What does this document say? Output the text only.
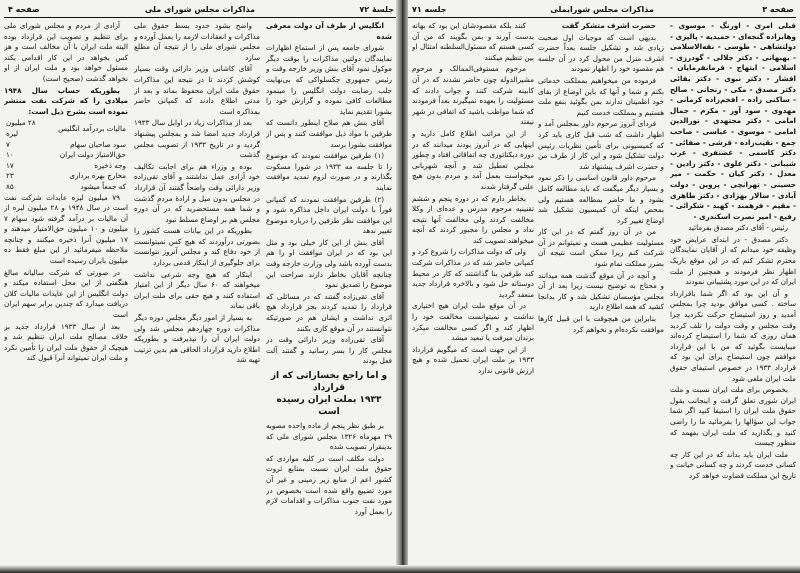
جلسهٔ ۷۲
مذاکرات مجلس شورای ملی
صفحه ۴

انگلیس از طرف آن دولت معرفی شده

شورای جامعه پس از استماع اظهارات نمایندگان دولتین مذاکرات را بوقت دیگر موکول نمود آقای بنش وزیر خارجه وقت و رئیس جمهوری چکسلواکی که بی‌نهایت جلب رضایت دولت انگلیس را مینمود مطالعات کافی نموده و گزارش خود را بشورا تقدیم نماید

آقای بنش هم صلاح اینطور دانست که طرفین با مواد ذیل موافقت کنند و پس از موافقت بشورا برسد

(۱) طرفین موافقت نمودند که موضوع را تا جلسه مه ۱۹۳۳ در شورا مسکوت بگذارند و در صورت لزوم تمدید موافقت نمایند

(۲) طرفین موافقت نمودند که کمپانی فوراً با دولت ایران داخل مذاکره شود و این موافقت نظر طرفین را درباره موضوع تغییر ندهد

آقای بنش از این کار خیلی بود و مثل این بود که در ایران موافقت او را هم بدست آورده باشد ولی وزارت خارجه وقت چنانچه آقایان بخاطر دارند صراحت این موضوع را تصدیق نمود

آقای تقی‌زاده گفتند که در مسائلی که قرارداد را تمدید کردند بجز قرارداد هیچ اثری نداشت و ایشان هم در صورتیکه نتوانستند در آن موقع کاری بکنند

آقای تقی‌زاده وزیر دارائی وقت در مجلس کار را بسر رسانید و گفتند آلت فعل بودند

و اما راجع بخساراتی که از قرارداد
۱۹۳۳ بملت ایران رسیده است

بر طبق نظر پنجم از ماده واحده مصوبه ۲۹ مهرماه ۱۳۲۶ مجلس شورای ملی که بدینقرار تصویب شده

دولت مکلف است در کلیه مواردی که حقوق ملت ایران نسبت بمنابع ثروت کشور اعم از منابع زیر زمینی و غیر آن مورد تضییع واقع شده است بخصوص در مورد نفت جنوب مذاکرات و اقدامات لازم را بعمل آورد

واضح بشود حدود بسط حقوق ملی مذاکرات و انعقادات لازمه را بعمل آورده و مجلس شورای ملی را از نتیجه آن مطلع سازد

آقای کاشانی وزیر دارائی وقت بسیار کوشش کردند تا در نتیجه این مذاکرات حقوق ملت ایران محفوظ بماند و بعد از مدتی اطلاع دادند که کمپانی حاضر بمذاکره است

بعد از مذاکرات زیاد در اوایل سال ۱۹۳۳ قرارداد جدید امضا شد و بمجلس پیشنهاد گردید و در تاریخ ۱۹۳۳ از تصویب مجلس گذشت

بوده و وزراء هم برای اجابت تکالیف خود آزادی عمل نداشتند و آقای تقی‌زاده وزیر دارائی وقت واضحاً گفتند آن قرارداد در مجلس بدون میل و ارادهٔ مردم گذشت و شما همه مستحضرید که در آن دوره مجلس هم بر اوضاع مسلط نبود

بطوریکه در این بیانات هست کشور را بصورتی درآوردند که هیچ کس نمیتوانست از خود دفاع کند و مجلس آنروز نتوانست برای جلوگیری از اینکار قدمی بردارد

اینکار که هیچ وجه شرعی نداشت میخواهند که ۶۰ سال دیگر از این امتیاز استفاده کنند و هیچ حقی برای ملت ایران باقی نماند

به بسیار از امور دیگر مجلس دوره دیگر مذاکرات دوره چهاردهم مجلس شد ولی دولت ایران آن را نپذیرفت و بطوریکه اطلاع دارید قرارداد الحاقی هم بدین ترتیب تهیه شد

آزادی از مردم و مجلس شورای ملی برای تنظیم و تصویب این قرارداد بوده الیته ملت ایران با آن مخالف است و هر کس بخواهد در این کار اقدامی بکند مسئول خواهد بود و ملت ایران از او نخواهد گذشت (صحیح است)

بطوریکه حساب سال ۱۹۴۸ میلادی را که شرکت نفت منتشر نموده است بشرح ذیل است:

مالیات بردرآمد انگلیس	۲۸ میلیون لیره
سود صاحبان سهام	۷
حق‌الامتیاز دولت ایران	۱۰
وجه ذخیره	۱۷
مخارج بهره برداری	۲۳
که جمعاً میشود	۸۵

۷۹ میلیون لیره عایدات شرکت نفت است در سال ۱۹۴۸ و ۲۸ میلیون لیره از آن مالیات بر درآمد گرفته شود سهام ۷ میلیون و ۱۰ میلیون حق‌الامتیاز میدهند و ۱۷ میلیون آنرا ذخیره میکنند و چنانچه ملاحظه میفرمائید از این مبلغ فقط ده میلیون بایران رسیده است

در صورتی که شرکت سالیانه مبالغ هنگفتی از این محل استفاده میکند و دولت انگلیس از این عایدات مالیات کلان دریافت میدارد که چندین برابر سهم ایران است

بعد از سال ۱۹۳۳ قرارداد جدید بر خلاف مصالح ملت ایران تنظیم شد و هیچیک از حقوق ملت ایران را تأمین نکرد و ملت ایران نمیتواند آنرا قبول کند

صفحه ۳
مذاکرات مجلس شورایملی
جلسه ۷۱

قبلی امری - اورنگ - موسوی - وهابزاده گنجه‌ای - حمیدیه - پالیزی - دولتشاهی - طوسی - نقه‌الاسلامی - بهبهانی - دکتر جلالی - گودرزی - اسلامی - ابتهاج - فرمانفرمایان - افشار - دکتر نبوی - دکتر بقائی دکتر مصدق - مکی - زنجانی - صالح - ساکنی زاده - افخم‌زاده کرمانی - مهدوی - سود آور - مکرم - جمال امامی - دکتر مجتهدی - نورالدین امامی - موسوی - عباسی - صاحب جمع - نقیب‌زاده - قرشی - صفائی - دکتر کاسمی - غضنفری - عرب شیبانی - دکتر علوی - دکتر رادین - معدل - دکتر کیان - حکمت - میر حسینی - تهرانچی - پروین - دولت آبادی - سالار بهزادی - دکتر طاهری - مقیم - فرهمند - کهبد - شکرائی - رفیع - امیر نصرت اسکندری -

رئیس - آقای دکتر مصدق بفرمائید

دکتر مصدق - در ابتدای عرایض خود وظیفه خود میدانم که از آقایان نمایندگان محترم تشکر کنم که در این موقع باریک اظهار نظر فرمودند و همچنین از ملت ایران که در این مورد پشتیبانی نمودند

و آن این بود که اگر شما باقرارداد ساخته . کسی موافق بودید چرا بمجلس آمدید و روز استیضاح حرکت نکردید چرا وقت مجلس و وقت دولت را تلف کردید همان روزی که شما را استیضاح کرده‌اند میبایست بگوئید که من با این قرارداد موافقم چون استیضاح برای این بود که قرارداد ۱۹۳۳ در خصوص استیفای حقوق ملت ایران ملغی شود

بخصوص برای ملت ایران نسبت و ملت ایران شوری تعلق گرفت و اینجانب بقول حقوق ملت ایران را استیفا کنید اگر شما جواب این سؤالها را بفرمائید ما را راضی کنید و بگذارید که ملت ایران بفهمد که منظور چیست

ملت ایران باید بداند که در این کار چه کسانی خدمت کردند و چه کسانی خیانت و تاریخ این مملکت قضاوت خواهد کرد

حضرت اشرف متشکر گفت

بدیهی است که موجبات اول صحبت زیادی شد و تشکیل جلسه بعداً حضرت اشرف منزل من محول کرد در آن جلسه هم مقصود خود را اظهار نمودند

فرموده من میخواهیم بمملکت خدماتی بکنم و شما و آنها که باین اوضاع از بقای خود اطمینان ندارند بمن بگوئید بنفع ملت هستیم و بمملکت خدمت کنیم

فردای آنروز مرحوم داور بمجلس آمد و اظهار داشت که شب قبل کاری باید کرد که کمیسیونی برای تأمین نظریات رئیس دولت تشکیل شود و این کار از طرف من و حضرت اشرف پیشنهاد شد

مرحوم داور قانون اساسی را ذکر نمود و بسیار دیگر میگفت که باید مطالعه کامل بشود و ما حاضر بمطالعه هستیم ولی بمحض اینکه آن کمیسیون تشکیل شد اوضاع تغییر کرد

من در آن روز گفتم که در این کار مسئولیت عظیمی هست و نمیتوانم در آن شرکت کنم زیرا ممکن است نتیجه آن بضرر مملکت تمام شود

و آنچه در آن موقع گذشت همه میدانند و محتاج به توضیح نیست زیرا بعد از آن مجلس مؤسسان تشکیل شد و کار بدانجا کشید که همه اطلاع دارید

بنابراین من هیچوقت با این قبیل کارها موافقت نکرده‌ام و نخواهم کرد

کنند بلکه مقصودشان این بود که بهانه بدست آورند و بمن بگویند که من آن کسی هستم که مسئول‌السلطنه امتثال او بین تنظیم میکنند

مرحوم مستوفی‌الممالک و مرحوم مشیرالدوله چون حاضر نشدند که در آن کابینه شرکت کنند و جواب دادند که مسئولیت را بعهده نمیگیرند بعداً فرمودند که شما مواظب باشید که اتفاقی در شهر نیفتد

از این مراتب اطلاع کامل دارید و اینهایی که در آنروز بودند میدانند که در دوره دیکتاتوری چه اتفاقاتی افتاد و چطور مجلس تعطیل شد و آنچه شهربانی میخواست بعمل آمد و مردم بدون هیچ علتی گرفتار شدند

بخاطر دارم که در دوره پنجم و ششم تقنینیه مرحوم مدرس و عده‌ای از وکلا مخالفت کردند ولی مخالفت آنها نتیجه نداد و مجلس را مجبور کردند که آنچه میخواهند تصویب کند

ولی که دولت مذاکرات را شروع کرد و کمپانی حاضر شد که در مذاکرات شرکت کند طرفین بنا گذاشتند که کار در محیط دوستانه حل شود و بالاخره قرارداد جدید منعقد گردید

در آن موقع ملت ایران هیچ اختیاری نداشت و نمیتوانست مخالفت خود را اظهار کند و اگر کسی مخالفت میکرد بزندان میرفت یا تبعید میشد

از این جهت است که میگویم قرارداد ۱۹۳۳ بر ملت ایران تحمیل شده و هیچ ارزش قانونی ندارد
